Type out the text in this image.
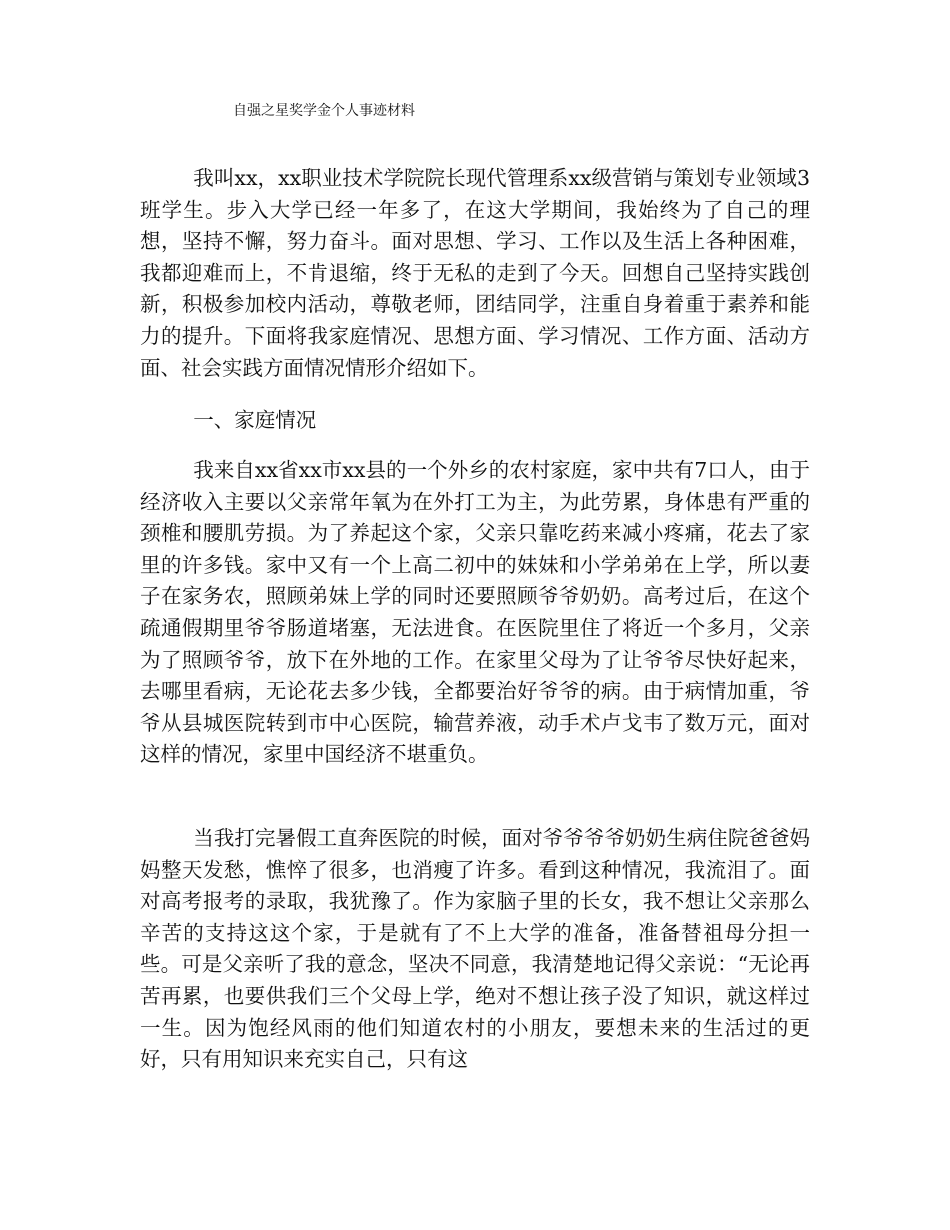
自强之星奖学金个人事迹材料

我叫xx，xx职业技术学院院长现代管理系xx级营销与策划专业领域3班学生。步入大学已经一年多了，在这大学期间，我始终为了自己的理想，坚持不懈，努力奋斗。面对思想、学习、工作以及生活上各种困难，我都迎难而上，不肯退缩，终于无私的走到了今天。回想自己坚持实践创新，积极参加校内活动，尊敬老师，团结同学，注重自身着重于素养和能力的提升。下面将我家庭情况、思想方面、学习情况、工作方面、活动方面、社会实践方面情况情形介绍如下。

一、家庭情况

我来自xx省xx市xx县的一个外乡的农村家庭，家中共有7口人，由于经济收入主要以父亲常年氧为在外打工为主，为此劳累，身体患有严重的颈椎和腰肌劳损。为了养起这个家，父亲只靠吃药来减小疼痛，花去了家里的许多钱。家中又有一个上高二初中的妹妹和小学弟弟在上学，所以妻子在家务农，照顾弟妹上学的同时还要照顾爷爷奶奶。高考过后，在这个疏通假期里爷爷肠道堵塞，无法进食。在医院里住了将近一个多月，父亲为了照顾爷爷，放下在外地的工作。在家里父母为了让爷爷尽快好起来，去哪里看病，无论花去多少钱，全都要治好爷爷的病。由于病情加重，爷爷从县城医院转到市中心医院，输营养液，动手术卢戈韦了数万元，面对这样的情况，家里中国经济不堪重负。

当我打完暑假工直奔医院的时候，面对爷爷爷爷奶奶生病住院爸爸妈妈整天发愁，憔悴了很多，也消瘦了许多。看到这种情况，我流泪了。面对高考报考的录取，我犹豫了。作为家脑子里的长女，我不想让父亲那么辛苦的支持这这个家，于是就有了不上大学的准备，准备替祖母分担一些。可是父亲听了我的意念，坚决不同意，我清楚地记得父亲说：“无论再苦再累，也要供我们三个父母上学，绝对不想让孩子没了知识，就这样过一生。因为饱经风雨的他们知道农村的小朋友，要想未来的生活过的更好，只有用知识来充实自己，只有这
